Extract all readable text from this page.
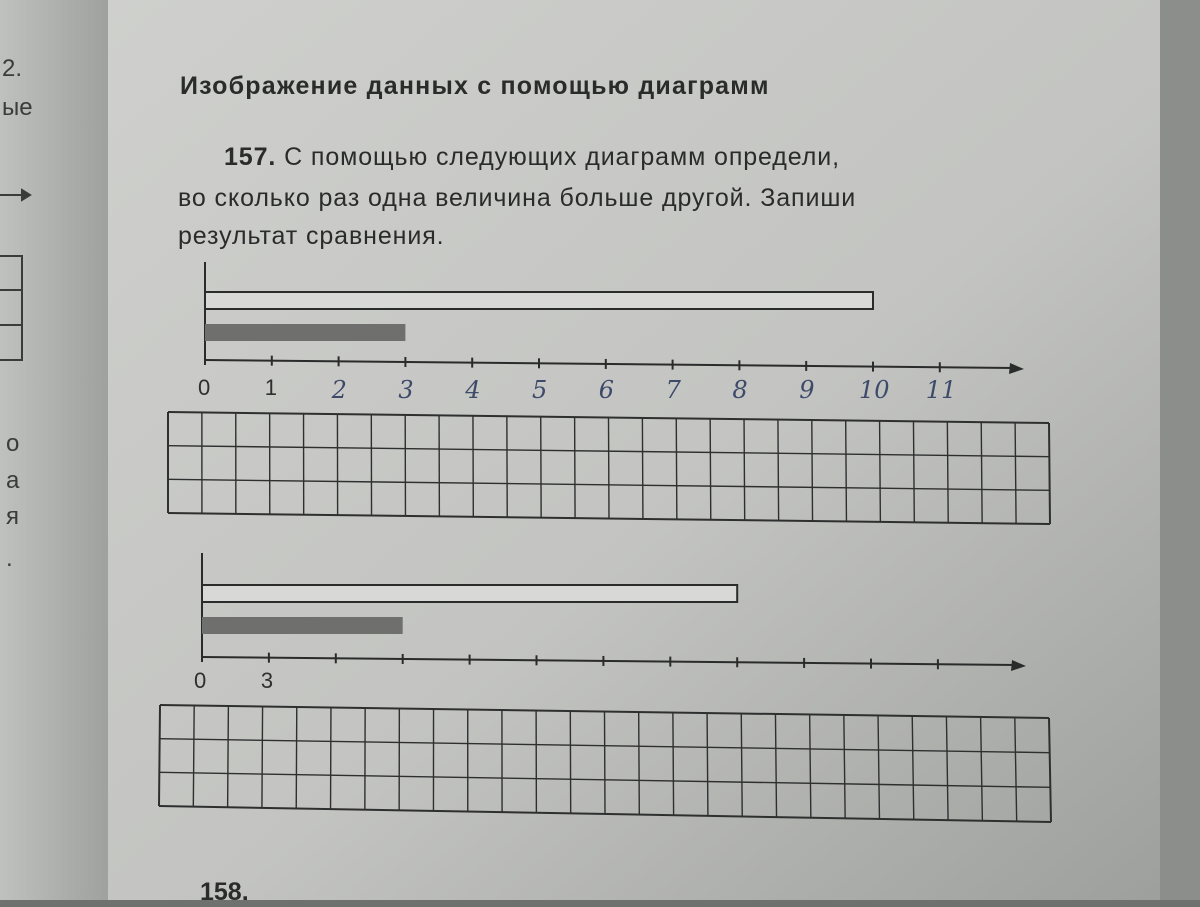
Изображение данных с помощью диаграмм
157. С помощью следующих диаграмм определи,
во сколько раз одна величина больше другой. Запиши
результат сравнения.
2.
ые
о
а
я
.
0 1 2 3 4 5 6 7 8 9 10 11
0 3
158.
